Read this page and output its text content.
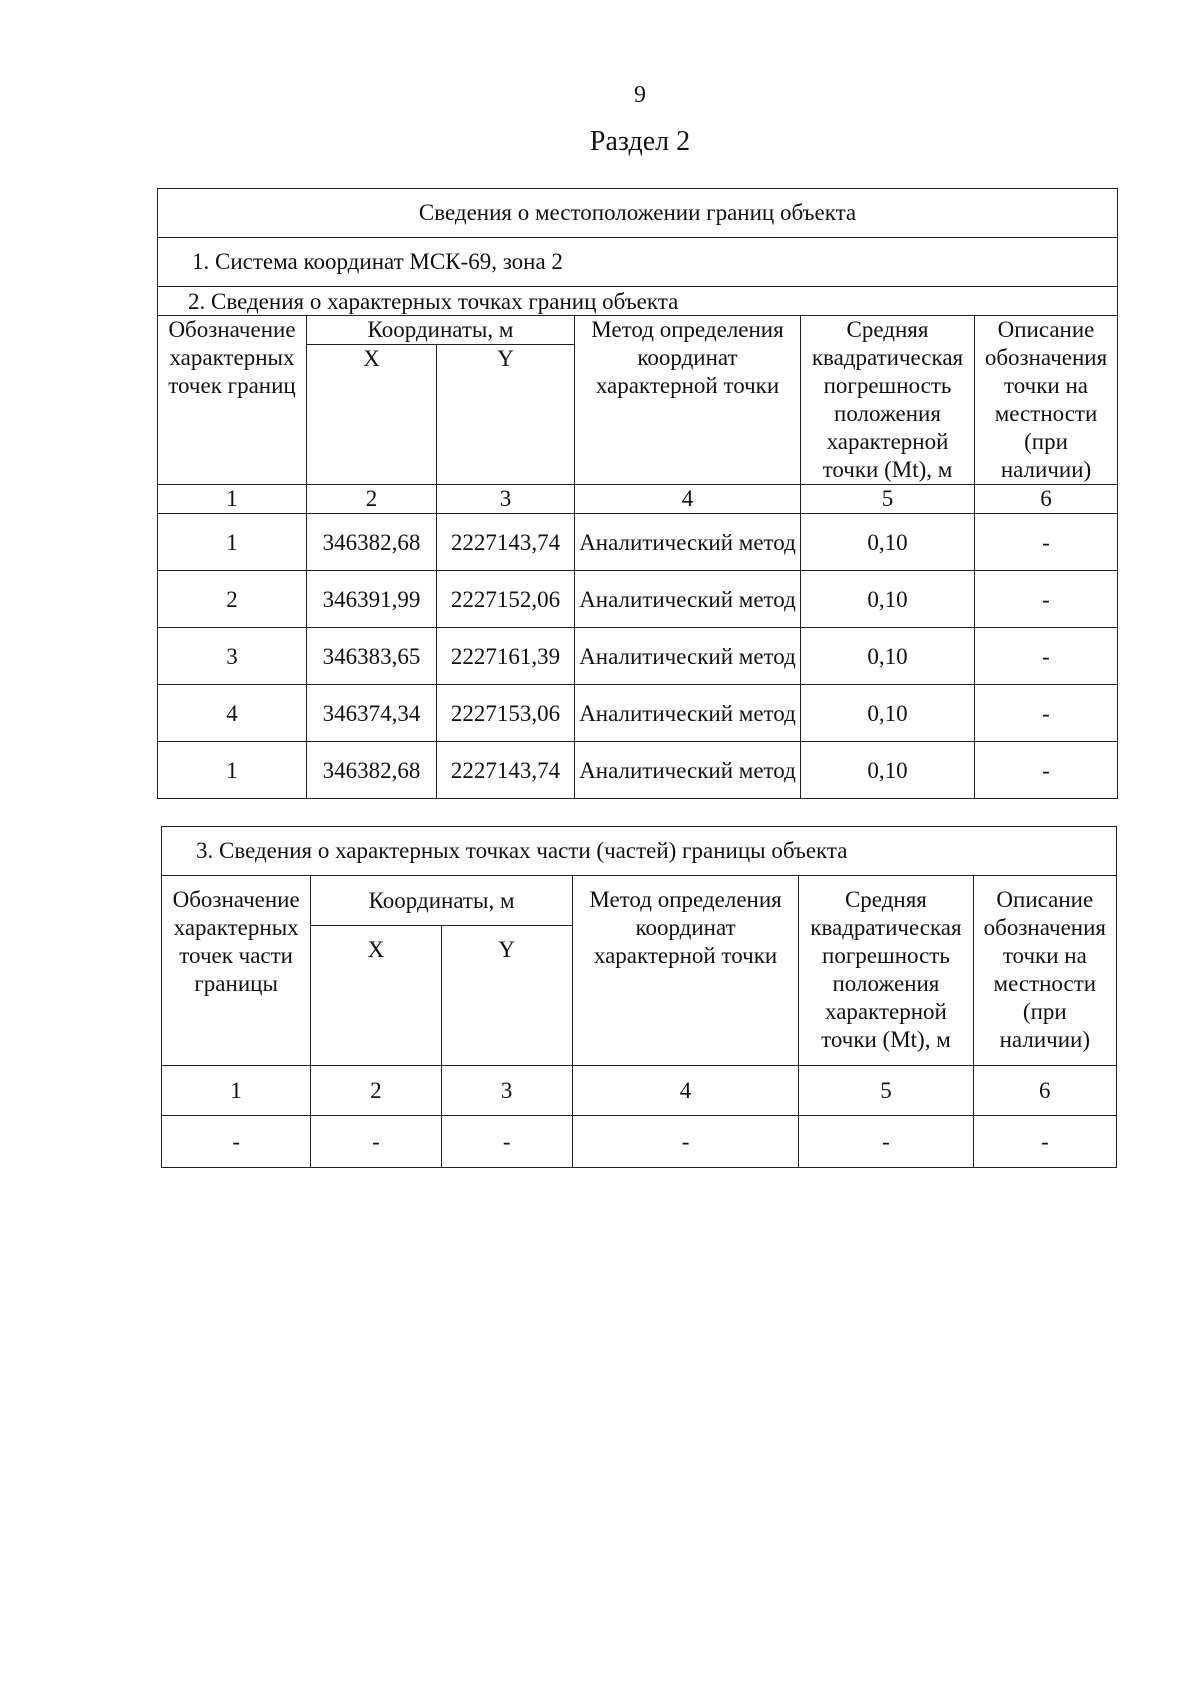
9
Раздел 2
Сведения о местоположении границ объекта					
1. Система координат МСК-69, зона 2					
2. Сведения о характерных точках границ объекта					
Обозначение характерных точек границ	Координаты, м		Метод определения координат характерной точки	Средняя квадратическая погрешность положения характерной точки (Mt), м	Описание обозначения точки на местности (при наличии)
	X	Y			
1	2	3	4	5	6
1	346382,68	2227143,74	Аналитический метод	0,10	-
2	346391,99	2227152,06	Аналитический метод	0,10	-
3	346383,65	2227161,39	Аналитический метод	0,10	-
4	346374,34	2227153,06	Аналитический метод	0,10	-
1	346382,68	2227143,74	Аналитический метод	0,10	-
3. Сведения о характерных точках части (частей) границы объекта					
Обозначение характерных точек части границы	Координаты, м		Метод определения координат характерной точки	Средняя квадратическая погрешность положения характерной точки (Mt), м	Описание обозначения точки на местности (при наличии)
	X	Y			
1	2	3	4	5	6
-	-	-	-	-	-
